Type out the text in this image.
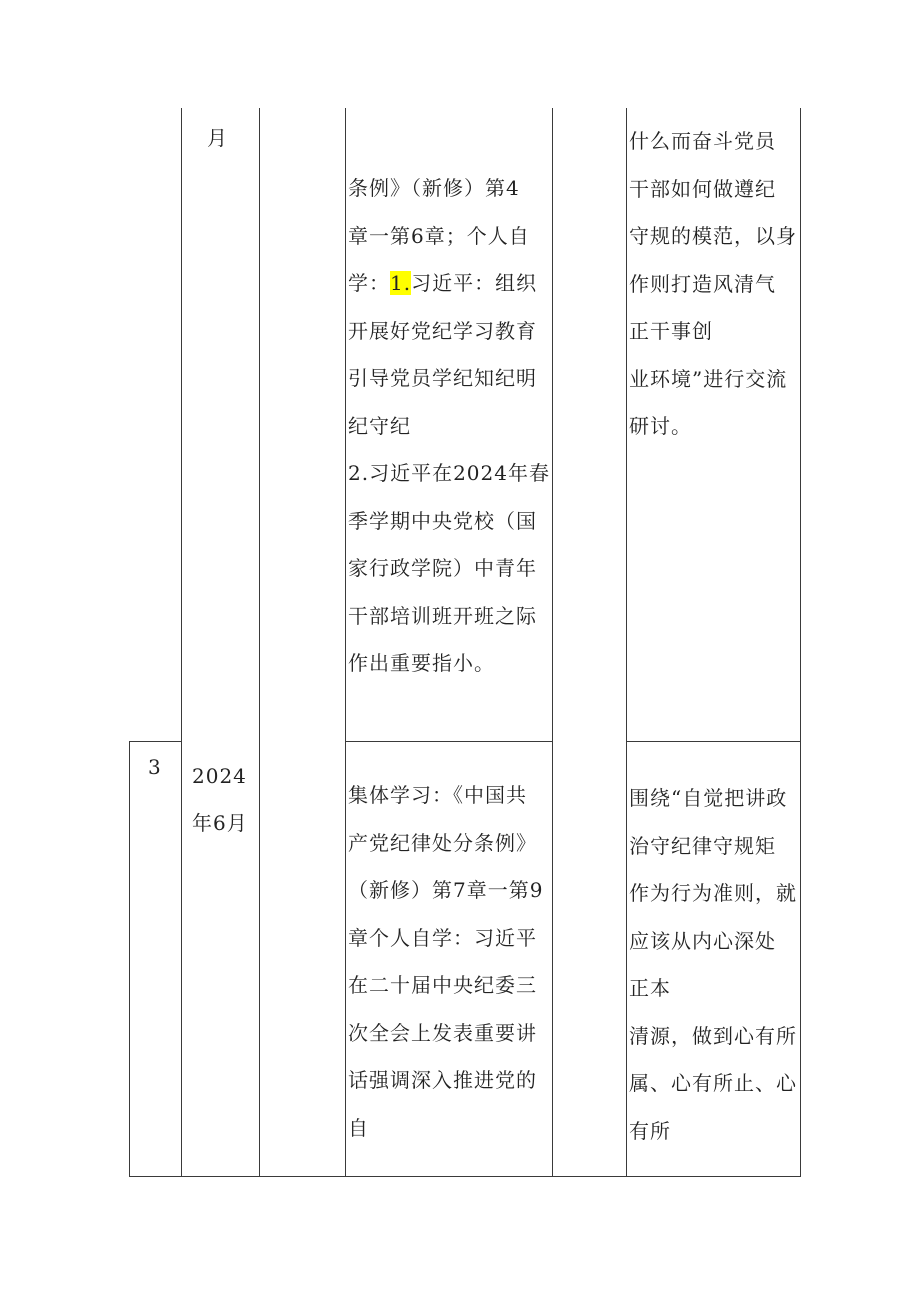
月
条例》（新修）第4
章一第6章；个人自
学：1.习近平：组织
开展好党纪学习教育
引导党员学纪知纪明
纪守纪
2.习近平在2024年春
季学期中央党校（国
家行政学院）中青年
干部培训班开班之际
作出重要指小。
什么而奋斗党员
干部如何做遵纪
守规的模范，以身
作则打造风清气
正干事创
业环境”进行交流
研讨。
3 2024
年6月
集体学习：《中国共
产党纪律处分条例》
（新修）第7章一第9
章个人自学：习近平
在二十届中央纪委三
次全会上发表重要讲
话强调深入推进党的
自
围绕“自觉把讲政
治守纪律守规矩
作为行为准则，就
应该从内心深处
正本
清源，做到心有所
属、心有所止、心
有所
